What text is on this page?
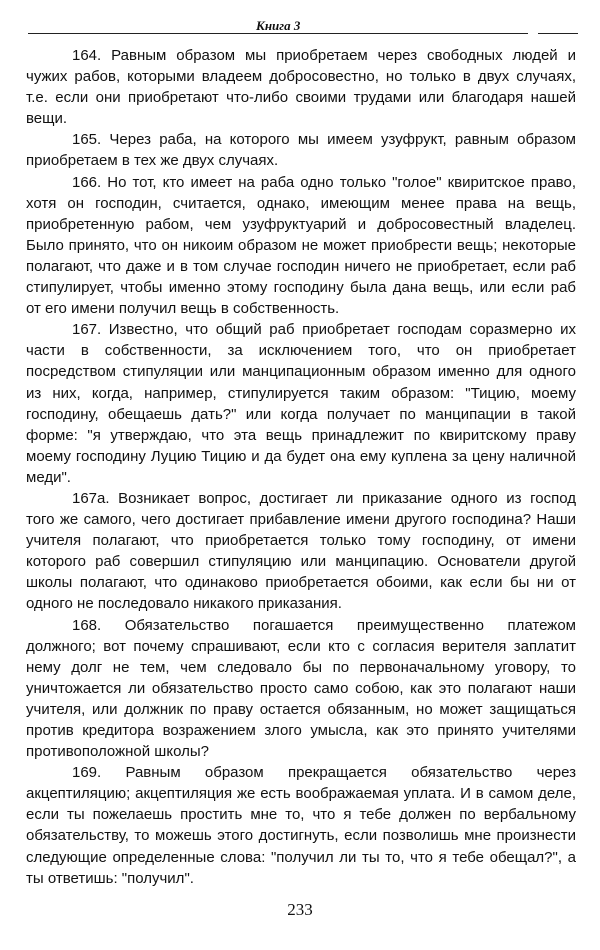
Книга 3
164. Равным образом мы приобретаем через свободных людей и
чужих рабов, которыми владеем добросовестно, но только в двух случаях,
т.е. если они приобретают что-либо своими трудами или благодаря нашей
вещи.
165. Через раба, на которого мы имеем узуфрукт, равным образом
приобретаем в тех же двух случаях.
166. Но тот, кто имеет на раба одно только "голое" квиритское право,
хотя он господин, считается, однако, имеющим менее права на вещь,
приобретенную рабом, чем узуфруктуарий и добросовестный владелец.
Было принято, что он никоим образом не может приобрести вещь; некоторые
полагают, что даже и в том случае господин ничего не приобретает, если раб
стипулирует, чтобы именно этому господину была дана вещь, или если раб
от его имени получил вещь в собственность.
167. Известно, что общий раб приобретает господам соразмерно их
части в собственности, за исключением того, что он приобретает
посредством стипуляции или манципационным образом именно для одного
из них, когда, например, стипулируется таким образом: "Тицию, моему
господину, обещаешь дать?" или когда получает по манципации в такой
форме: "я утверждаю, что эта вещь принадлежит по квиритскому праву
моему господину Луцию Тицию и да будет она ему куплена за цену наличной
меди".
167а. Возникает вопрос, достигает ли приказание одного из господ
того же самого, чего достигает прибавление имени другого господина? Наши
учителя полагают, что приобретается только тому господину, от имени
которого раб совершил стипуляцию или манципацию. Основатели другой
школы полагают, что одинаково приобретается обоими, как если бы ни от
одного не последовало никакого приказания.
168. Обязательство погашается преимущественно платежом
должного; вот почему спрашивают, если кто с согласия верителя заплатит
нему долг не тем, чем следовало бы по первоначальному уговору, то
уничтожается ли обязательство просто само собою, как это полагают наши
учителя, или должник по праву остается обязанным, но может защищаться
против кредитора возражением злого умысла, как это принято учителями
противоположной школы?
169. Равным образом прекращается обязательство через
акцептиляцию; акцептиляция же есть воображаемая уплата. И в самом деле,
если ты пожелаешь простить мне то, что я тебе должен по вербальному
обязательству, то можешь этого достигнуть, если позволишь мне произнести
следующие определенные слова: "получил ли ты то, что я тебе обещал?", а
ты ответишь: "получил".
233
